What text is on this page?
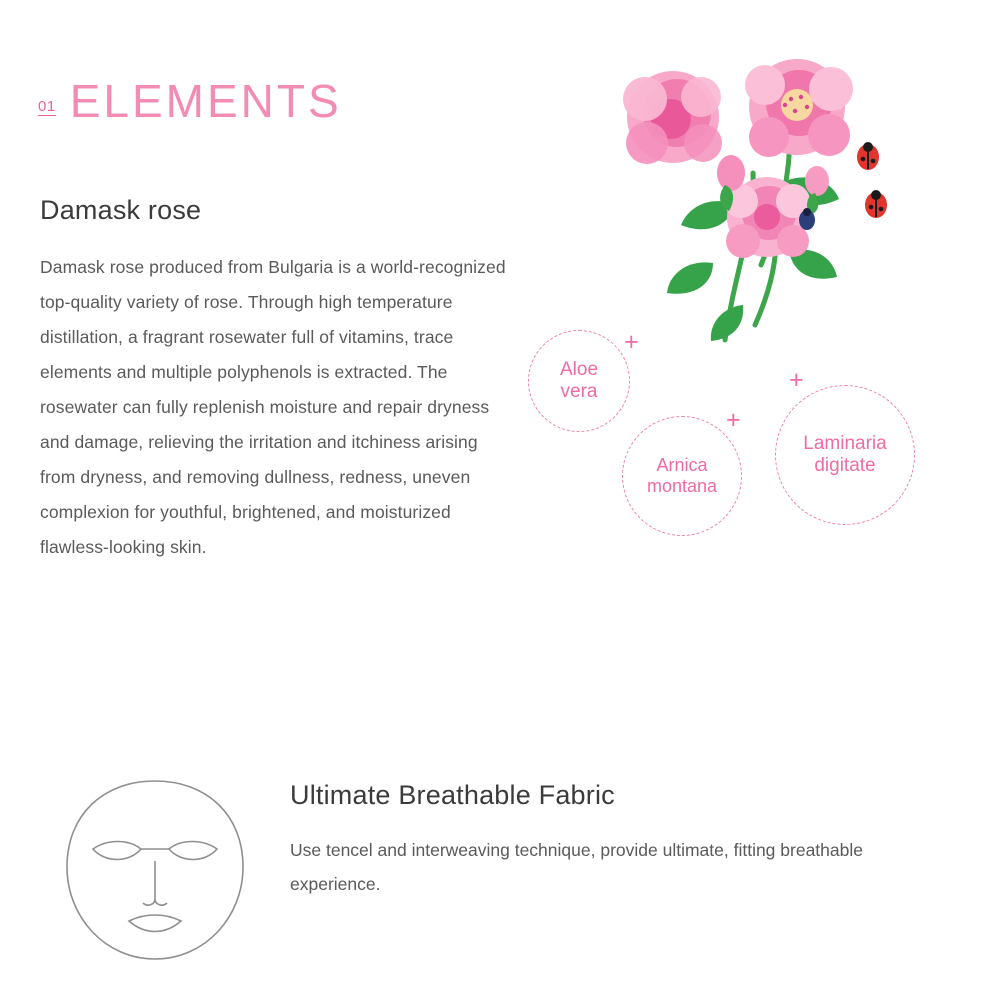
01 ELEMENTS
Damask rose

Damask rose produced from Bulgaria is a world-recognized top-quality variety of rose. Through high temperature distillation, a fragrant rosewater full of vitamins, trace elements and multiple polyphenols is extracted. The rosewater can fully replenish moisture and repair dryness and damage, relieving the irritation and itchiness arising from dryness, and removing dullness, redness, uneven complexion for youthful, brightened, and moisturized flawless-looking skin.

+
+
+
Aloe
vera
Arnica
montana
Laminaria
digitate
Ultimate Breathable Fabric

Use tencel and interweaving technique, provide ultimate, fitting breathable experience.
